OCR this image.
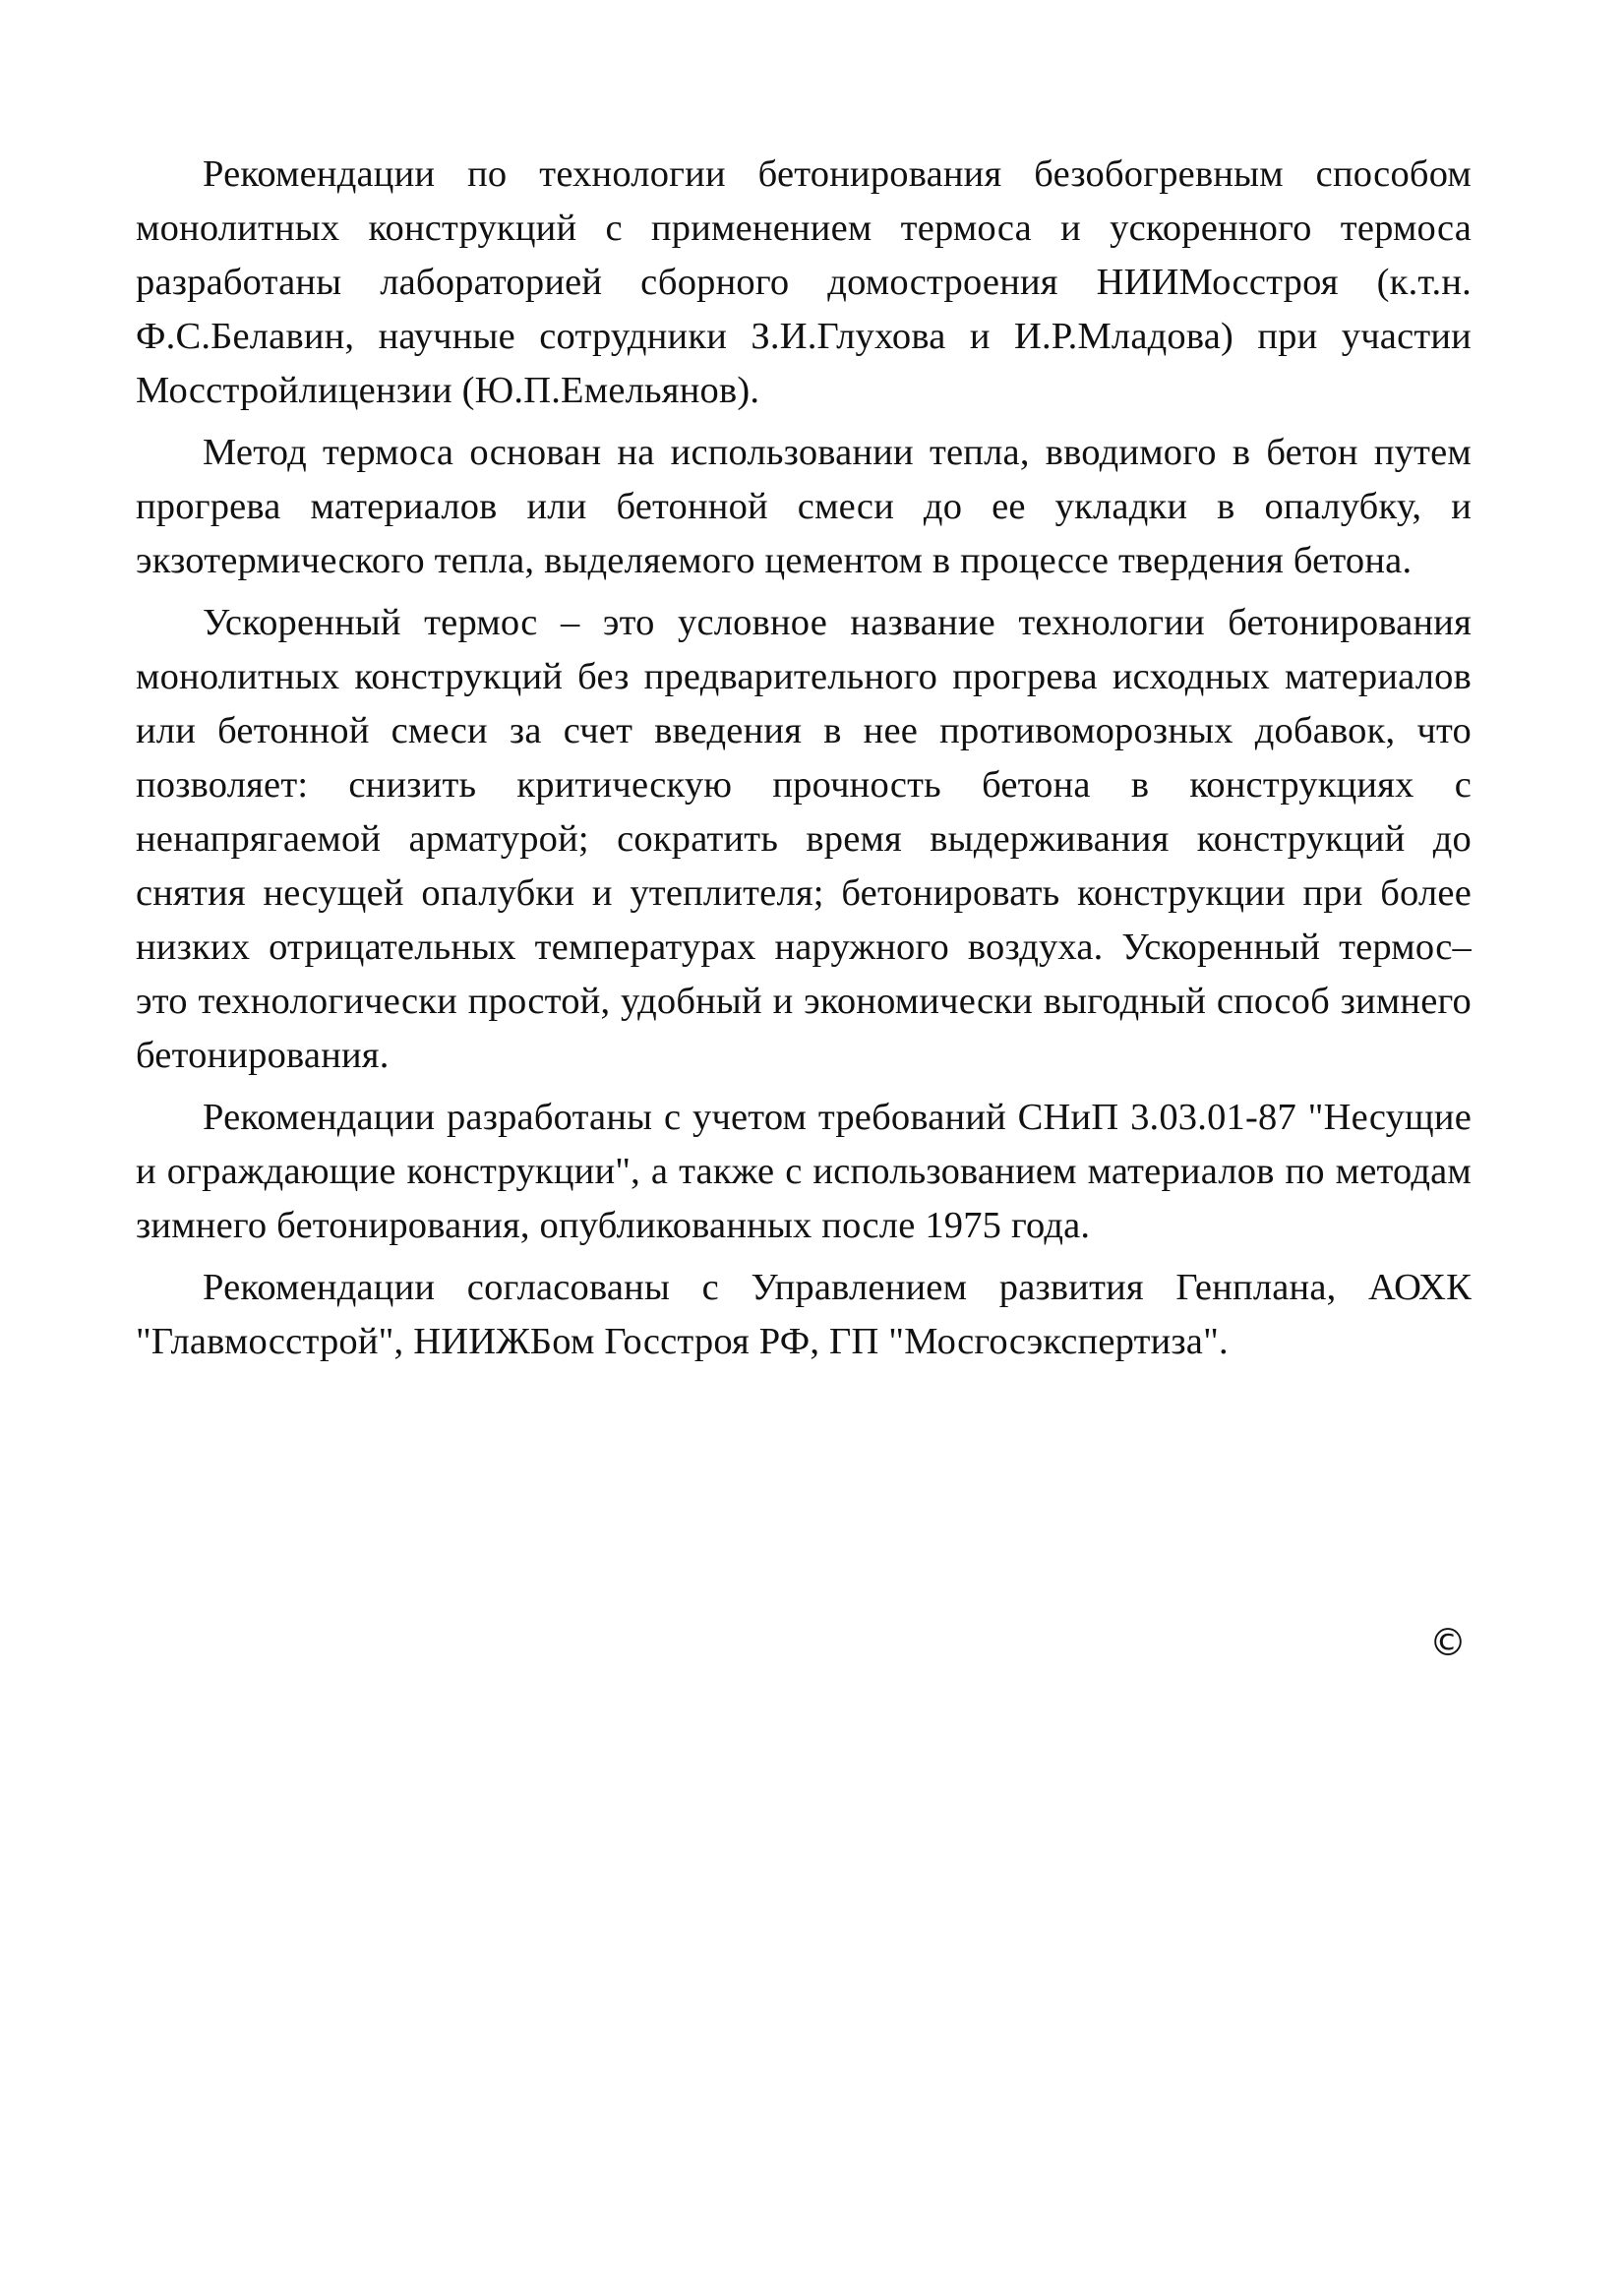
Рекомендации по технологии бетонирования безобогревным способом монолитных конструкций с применением термоса и ускоренного термоса разработаны лабораторией сборного домостроения НИИМосстроя (к.т.н. Ф.С.Белавин, научные сотрудники З.И.Глухова и И.Р.Младова) при участии Мосстройлицензии (Ю.П.Емельянов).

Метод термоса основан на использовании тепла, вводимого в бетон путем прогрева материалов или бетонной смеси до ее укладки в опалубку, и экзотермического тепла, выделяемого цементом в процессе твердения бетона.

Ускоренный термос – это условное название технологии бетонирования монолитных конструкций без предварительного прогрева исходных материалов или бетонной смеси за счет введения в нее противоморозных добавок, что позволяет: снизить критическую прочность бетона в конструкциях с ненапрягаемой арматурой; сократить время выдерживания конструкций до снятия несущей опалубки и утеплителя; бетонировать конструкции при более низких отрицательных температурах наружного воздуха. Ускоренный термос– это технологически простой, удобный и экономически выгодный способ зимнего бетонирования.

Рекомендации разработаны с учетом требований СНиП 3.03.01-87 "Несущие и ограждающие конструкции", а также с использованием материалов по методам зимнего бетонирования, опубликованных после 1975 года.

Рекомендации согласованы с Управлением развития Генплана, АОХК "Главмосстрой", НИИЖБом Госстроя РФ, ГП "Мосгосэкспертиза".

©
